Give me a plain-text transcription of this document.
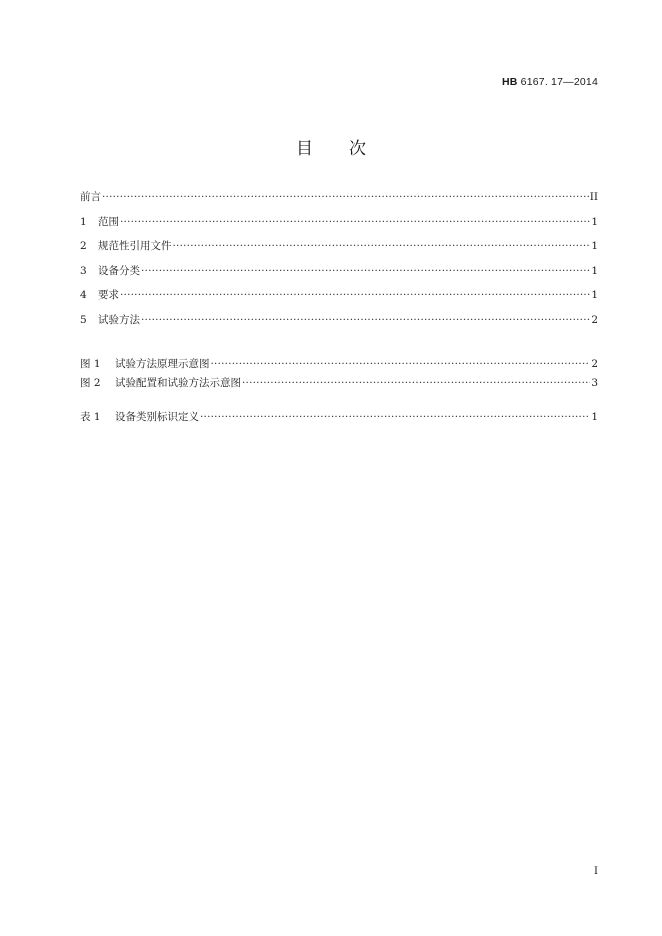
HB 6167. 17—2014
目 次
前言 ·····	II
1	范围 ·····	1
2	规范性引用文件 ·····	1
3	设备分类 ·····	1
4	要求 ·····	1
5	试验方法 ·····	2
图 1	试验方法原理示意图 ·····	2
图 2	试验配置和试验方法示意图 ·····	3
表 1	设备类别标识定义 ·····	1
I
